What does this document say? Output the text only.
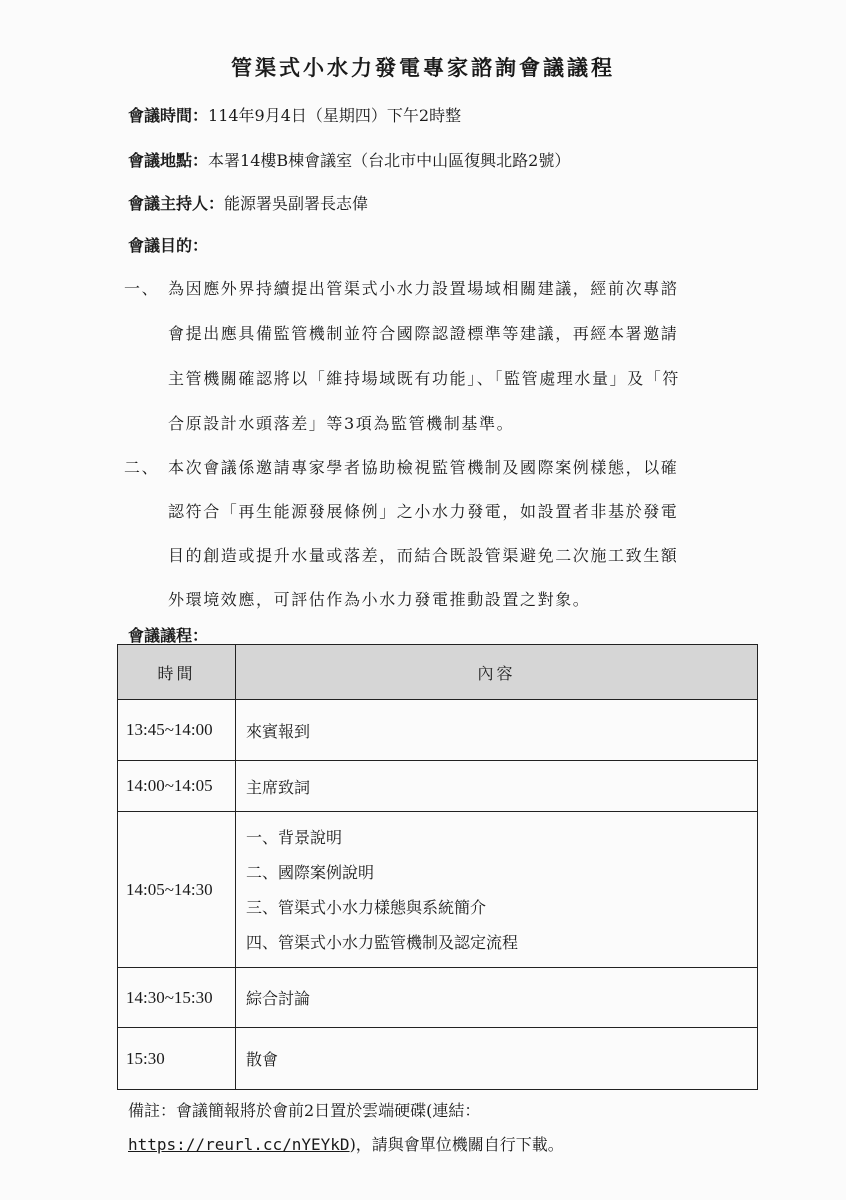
管渠式小水力發電專家諮詢會議議程
會議時間：114年9月4日（星期四）下午2時整
會議地點：本署14樓B棟會議室（台北市中山區復興北路2號）
會議主持人：能源署吳副署長志偉
會議目的：
一、 為因應外界持續提出管渠式小水力設置場域相關建議，經前次專諮
會提出應具備監管機制並符合國際認證標準等建議，再經本署邀請
主管機關確認將以「維持場域既有功能」、「監管處理水量」及「符
合原設計水頭落差」等3項為監管機制基準。
二、 本次會議係邀請專家學者協助檢視監管機制及國際案例樣態，以確
認符合「再生能源發展條例」之小水力發電，如設置者非基於發電
目的創造或提升水量或落差，而結合既設管渠避免二次施工致生額
外環境效應，可評估作為小水力發電推動設置之對象。
會議議程：
時間	內容
13:45~14:00	來賓報到
14:00~14:05	主席致詞
14:05~14:30	一、背景說明
二、國際案例說明
三、管渠式小水力樣態與系統簡介
四、管渠式小水力監管機制及認定流程

14:30~15:30	綜合討論
15:30	散會
備註：會議簡報將於會前2日置於雲端硬碟(連結：
https://reurl.cc/nYEYkD)，請與會單位機關自行下載。
